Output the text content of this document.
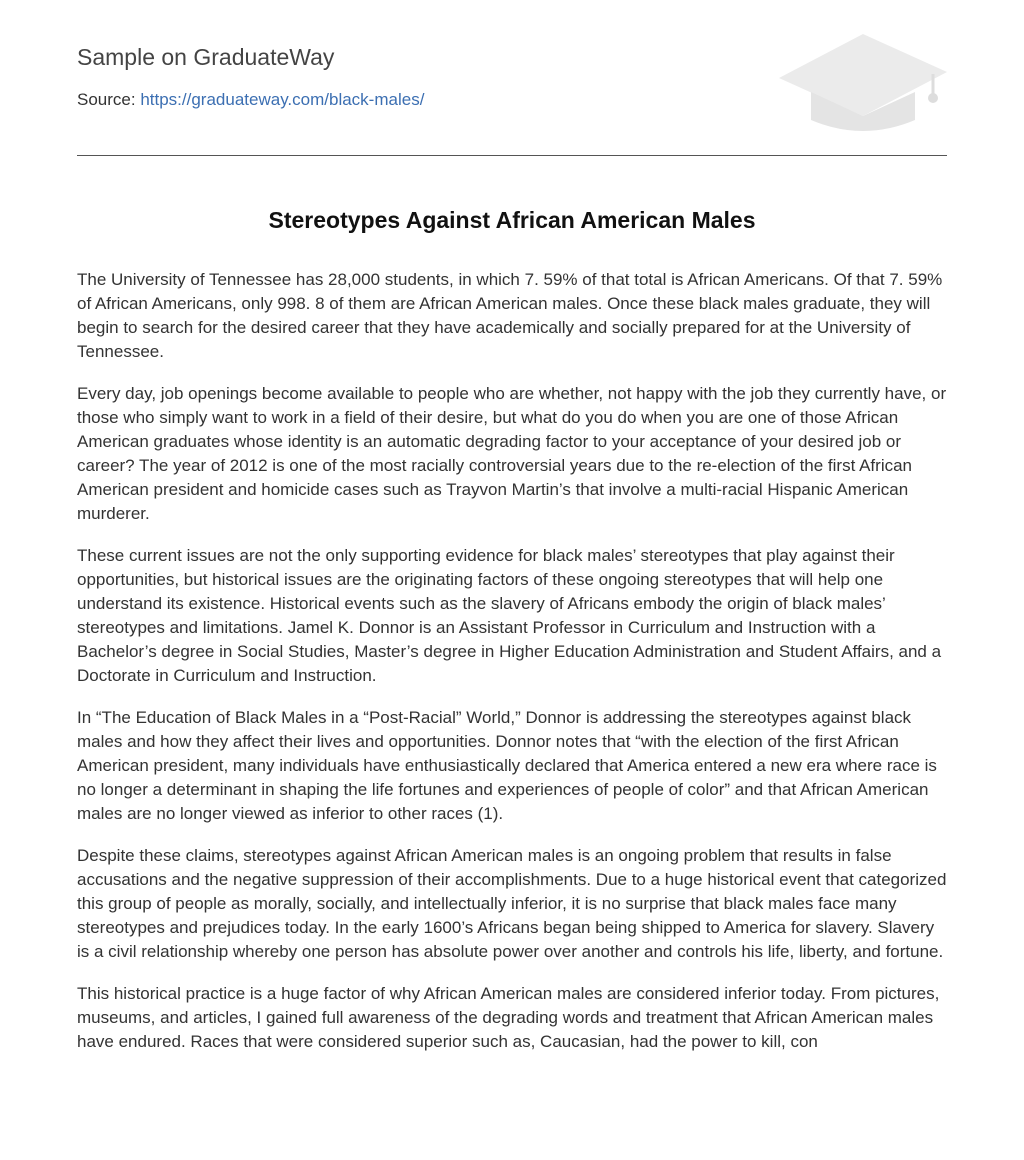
Sample on GraduateWay
Source: https://graduateway.com/black-males/
Stereotypes Against African American Males

The University of Tennessee has 28,000 students, in which 7. 59% of that total is African Americans. Of that 7. 59% of African Americans, only 998. 8 of them are African American males. Once these black males graduate, they will begin to search for the desired career that they have academically and socially prepared for at the University of Tennessee.

Every day, job openings become available to people who are whether, not happy with the job they currently have, or those who simply want to work in a field of their desire, but what do you do when you are one of those African American graduates whose identity is an automatic degrading factor to your acceptance of your desired job or career? The year of 2012 is one of the most racially controversial years due to the re-election of the first African American president and homicide cases such as Trayvon Martin’s that involve a multi-racial Hispanic American murderer.

These current issues are not the only supporting evidence for black males’ stereotypes that play against their opportunities, but historical issues are the originating factors of these ongoing stereotypes that will help one understand its existence. Historical events such as the slavery of Africans embody the origin of black males’ stereotypes and limitations. Jamel K. Donnor is an Assistant Professor in Curriculum and Instruction with a Bachelor’s degree in Social Studies, Master’s degree in Higher Education Administration and Student Affairs, and a Doctorate in Curriculum and Instruction.

In “The Education of Black Males in a “Post-Racial” World,” Donnor is addressing the stereotypes against black males and how they affect their lives and opportunities. Donnor notes that “with the election of the first African American president, many individuals have enthusiastically declared that America entered a new era where race is no longer a determinant in shaping the life fortunes and experiences of people of color” and that African American males are no longer viewed as inferior to other races (1).

Despite these claims, stereotypes against African American males is an ongoing problem that results in false accusations and the negative suppression of their accomplishments. Due to a huge historical event that categorized this group of people as morally, socially, and intellectually inferior, it is no surprise that black males face many stereotypes and prejudices today. In the early 1600’s Africans began being shipped to America for slavery. Slavery is a civil relationship whereby one person has absolute power over another and controls his life, liberty, and fortune.

This historical practice is a huge factor of why African American males are considered inferior today. From pictures, museums, and articles, I gained full awareness of the degrading words and treatment that African American males have endured. Races that were considered superior such as, Caucasian, had the power to kill, con
